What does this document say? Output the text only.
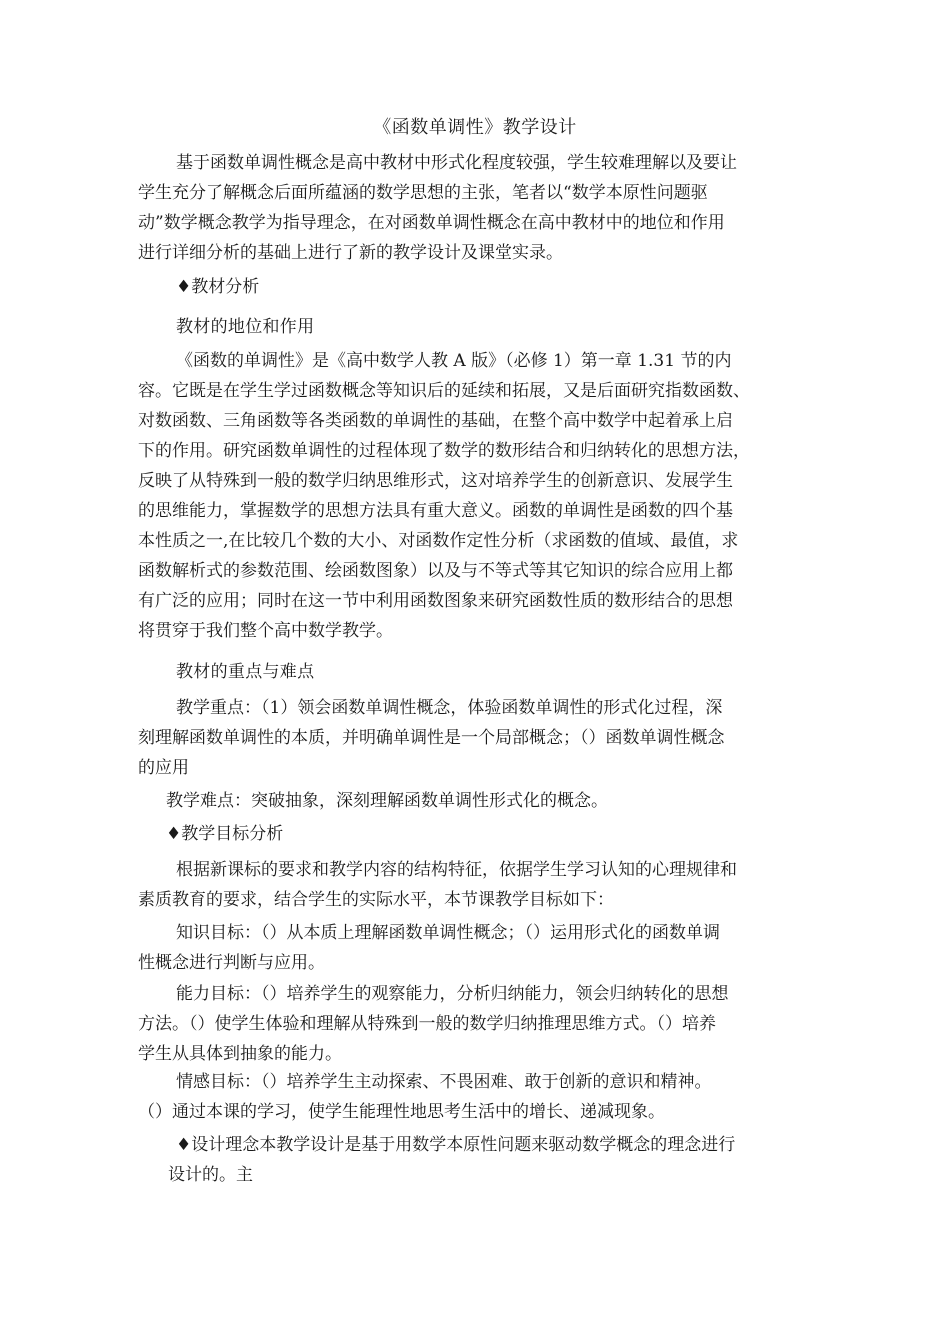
《函数单调性》教学设计
基于函数单调性概念是高中教材中形式化程度较强，学生较难理解以及要让
学生充分了解概念后面所蕴涵的数学思想的主张，笔者以“数学本原性问题驱
动”数学概念教学为指导理念，在对函数单调性概念在高中教材中的地位和作用
进行详细分析的基础上进行了新的教学设计及课堂实录。
♦教材分析
教材的地位和作用
《函数的单调性》是《高中数学人教 A 版》（必修 1）第一章 1.31 节的内
容。它既是在学生学过函数概念等知识后的延续和拓展，又是后面研究指数函数、
对数函数、三角函数等各类函数的单调性的基础，在整个高中数学中起着承上启
下的作用。研究函数单调性的过程体现了数学的数形结合和归纳转化的思想方法，
反映了从特殊到一般的数学归纳思维形式，这对培养学生的创新意识、发展学生
的思维能力，掌握数学的思想方法具有重大意义。函数的单调性是函数的四个基
本性质之一,在比较几个数的大小、对函数作定性分析（求函数的值域、最值，求
函数解析式的参数范围、绘函数图象）以及与不等式等其它知识的综合应用上都
有广泛的应用；同时在这一节中利用函数图象来研究函数性质的数形结合的思想
将贯穿于我们整个高中数学教学。
教材的重点与难点
教学重点：（1）领会函数单调性概念，体验函数单调性的形式化过程，深
刻理解函数单调性的本质，并明确单调性是一个局部概念；（）函数单调性概念
的应用
教学难点：突破抽象，深刻理解函数单调性形式化的概念。
♦教学目标分析
根据新课标的要求和教学内容的结构特征，依据学生学习认知的心理规律和
素质教育的要求，结合学生的实际水平，本节课教学目标如下：
知识目标：（）从本质上理解函数单调性概念；（）运用形式化的函数单调
性概念进行判断与应用。
能力目标：（）培养学生的观察能力，分析归纳能力，领会归纳转化的思想
方法。（）使学生体验和理解从特殊到一般的数学归纳推理思维方式。（）培养
学生从具体到抽象的能力。
情感目标：（）培养学生主动探索、不畏困难、敢于创新的意识和精神。
（）通过本课的学习，使学生能理性地思考生活中的增长、递减现象。
♦设计理念本教学设计是基于用数学本原性问题来驱动数学概念的理念进行
设计的。主
